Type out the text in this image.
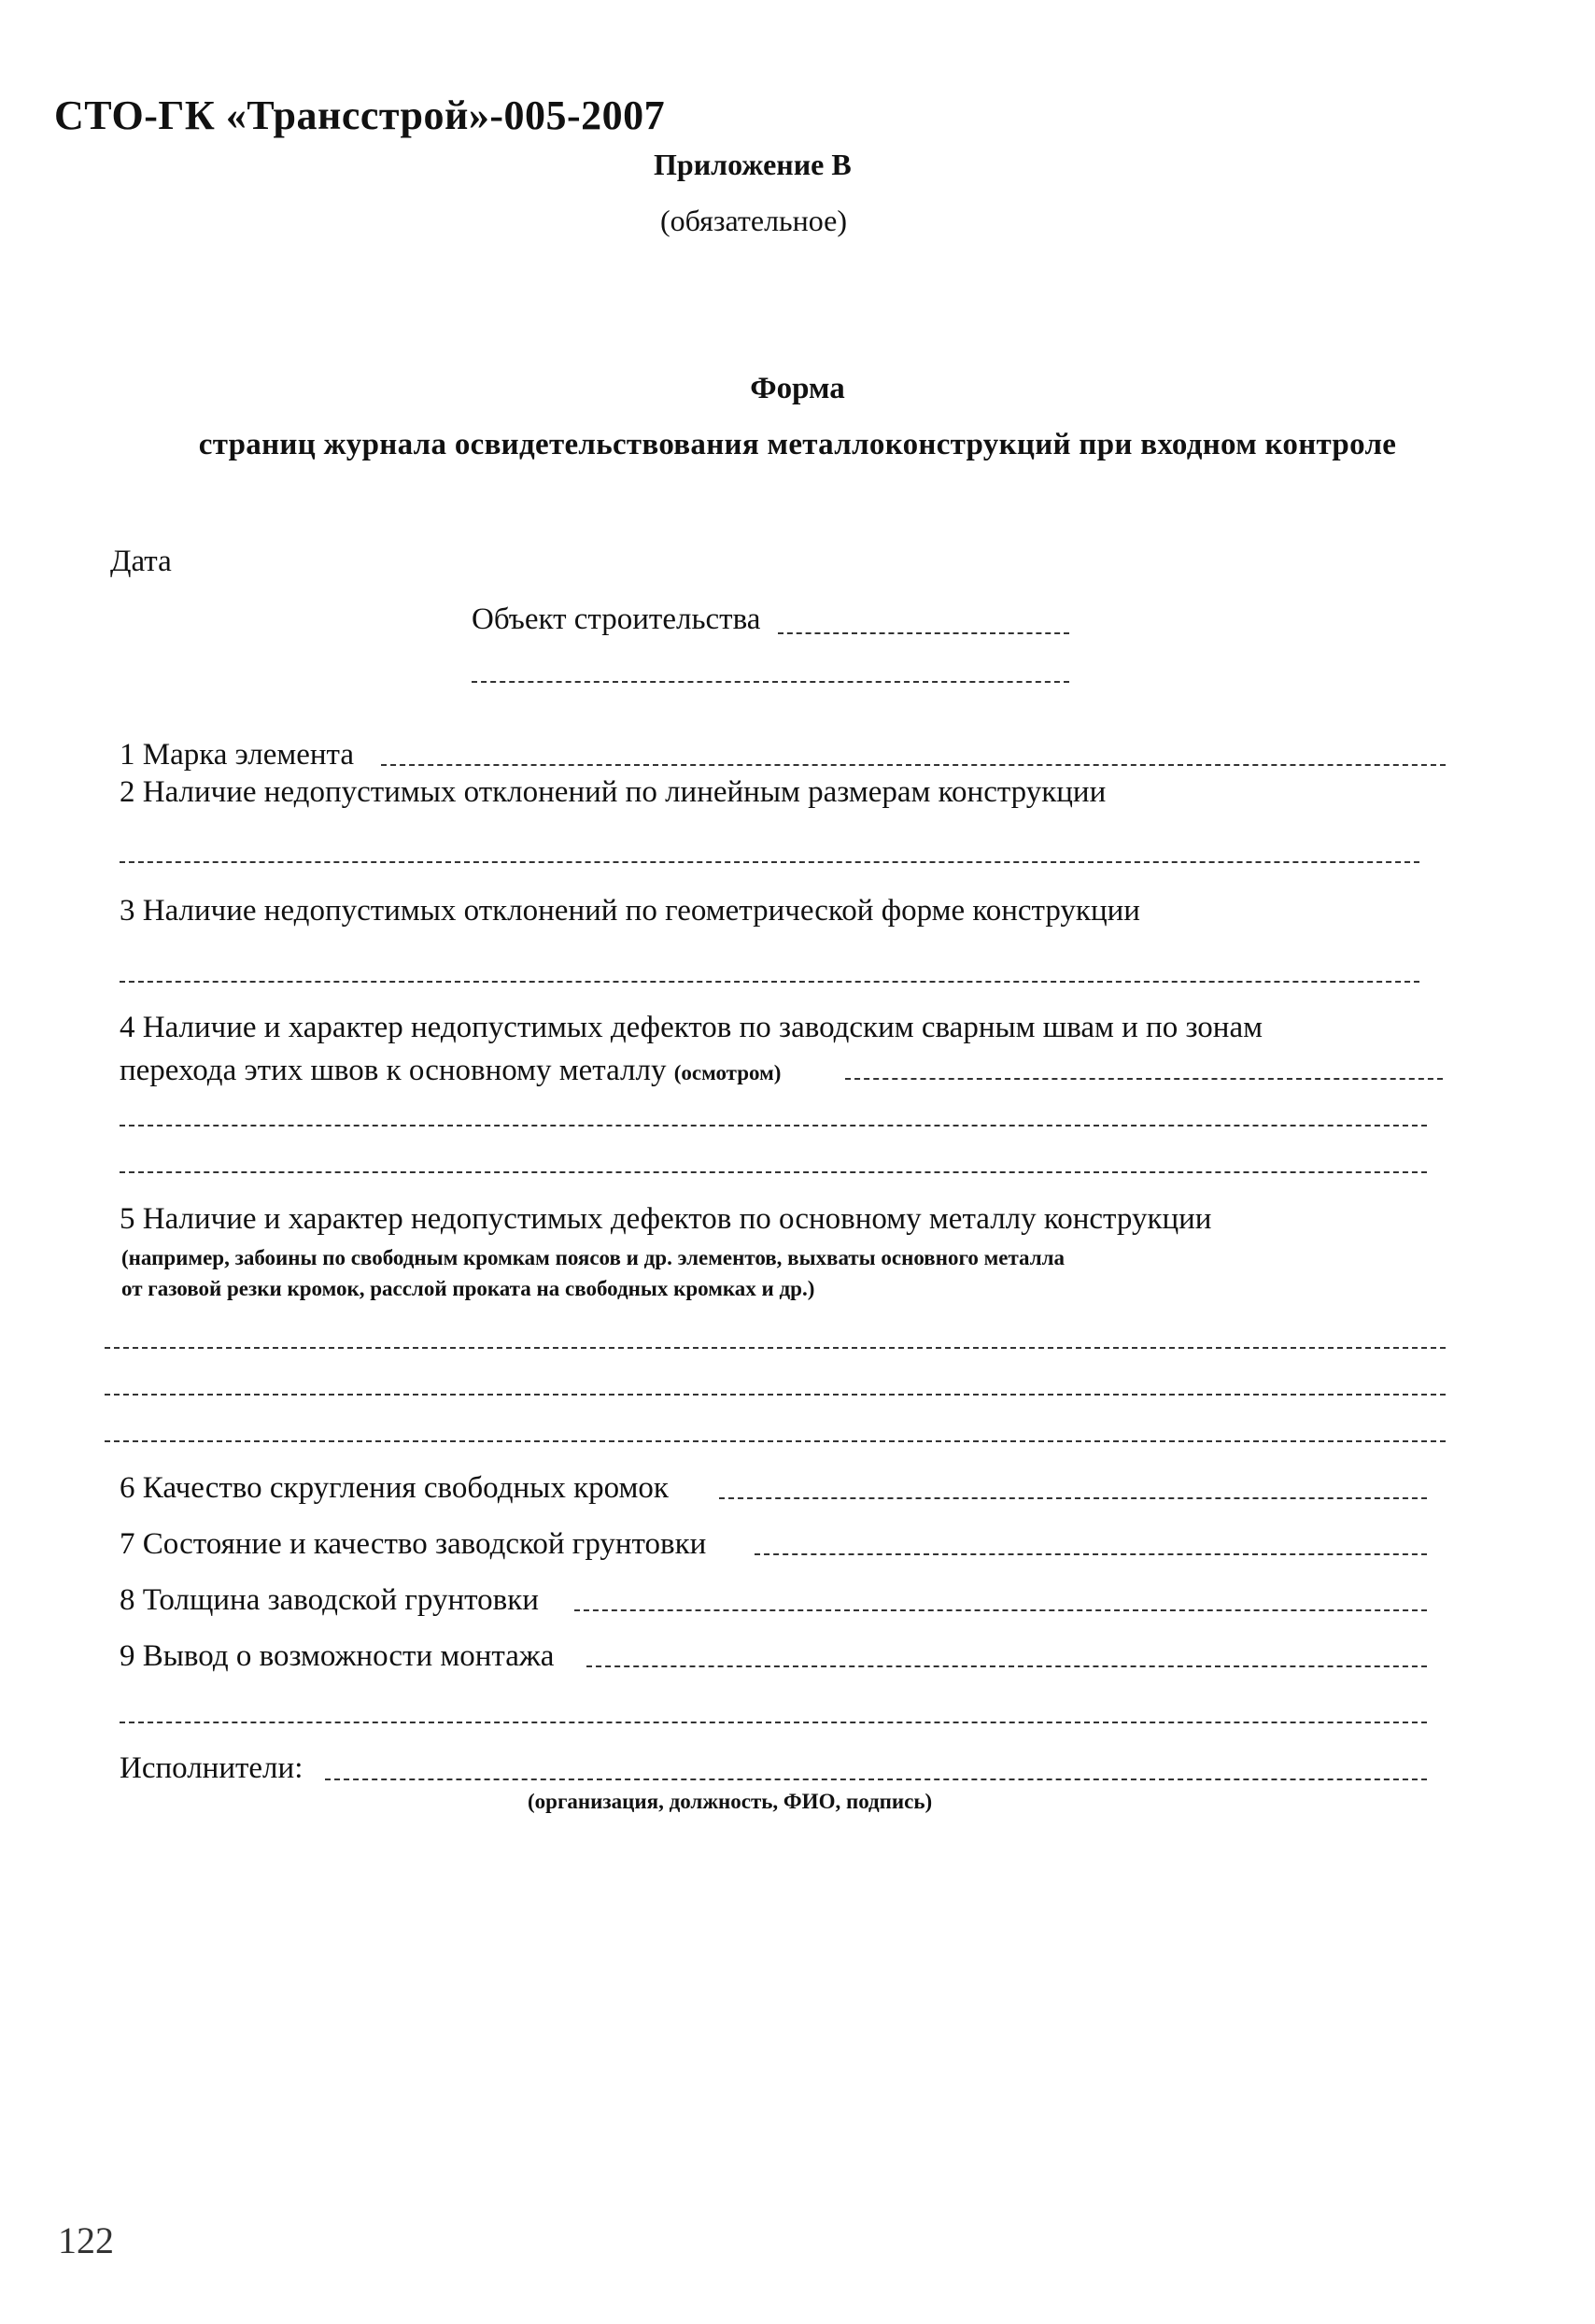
СТО-ГК «Трансстрой»-005-2007
Приложение В
(обязательное)
Форма
страниц журнала освидетельствования металлоконструкций при входном контроле
Дата
Объект строительства
1 Марка элемента
2 Наличие недопустимых отклонений по линейным размерам конструкции
3 Наличие недопустимых отклонений по геометрической форме конструкции
4 Наличие и характер недопустимых дефектов по заводским сварным швам и по зонам
перехода этих швов к основному металлу (осмотром)
5 Наличие и характер недопустимых дефектов по основному металлу конструкции
(например, забоины по свободным кромкам поясов и др. элементов, выхваты основного металла
от газовой резки кромок, расслой проката на свободных кромках и др.)
6 Качество скругления свободных кромок
7 Состояние и качество заводской грунтовки
8 Толщина заводской грунтовки
9 Вывод о возможности монтажа
Исполнители:
(организация, должность, ФИО, подпись)
122
